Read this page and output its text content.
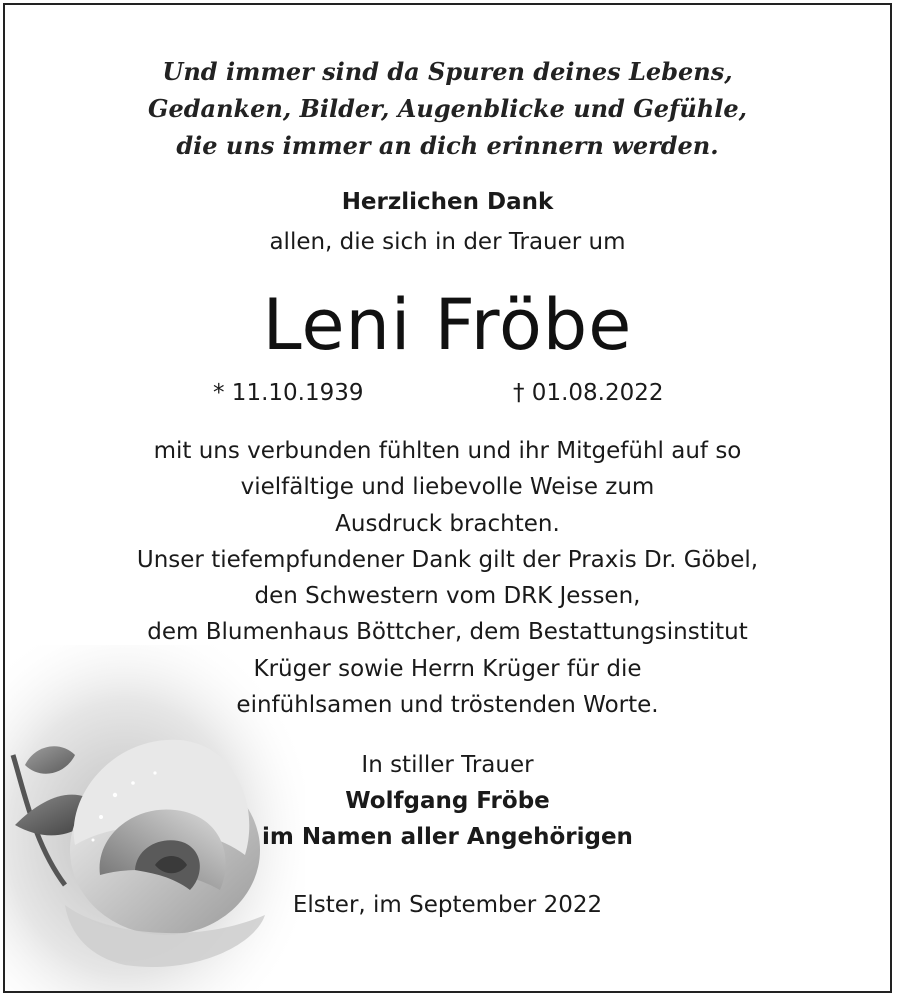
Und immer sind da Spuren deines Lebens,
Gedanken, Bilder, Augenblicke und Gefühle,
die uns immer an dich erinnern werden.
Herzlichen Dank
allen, die sich in der Trauer um
Leni Fröbe
* 11.10.1939	† 01.08.2022
mit uns verbunden fühlten und ihr Mitgefühl auf so
vielfältige und liebevolle Weise zum
Ausdruck brachten.
Unser tiefempfundener Dank gilt der Praxis Dr. Göbel,
den Schwestern vom DRK Jessen,
dem Blumenhaus Böttcher, dem Bestattungsinstitut
Krüger sowie Herrn Krüger für die
einfühlsamen und tröstenden Worte.
In stiller Trauer
Wolfgang Fröbe
im Namen aller Angehörigen
Elster, im September 2022
